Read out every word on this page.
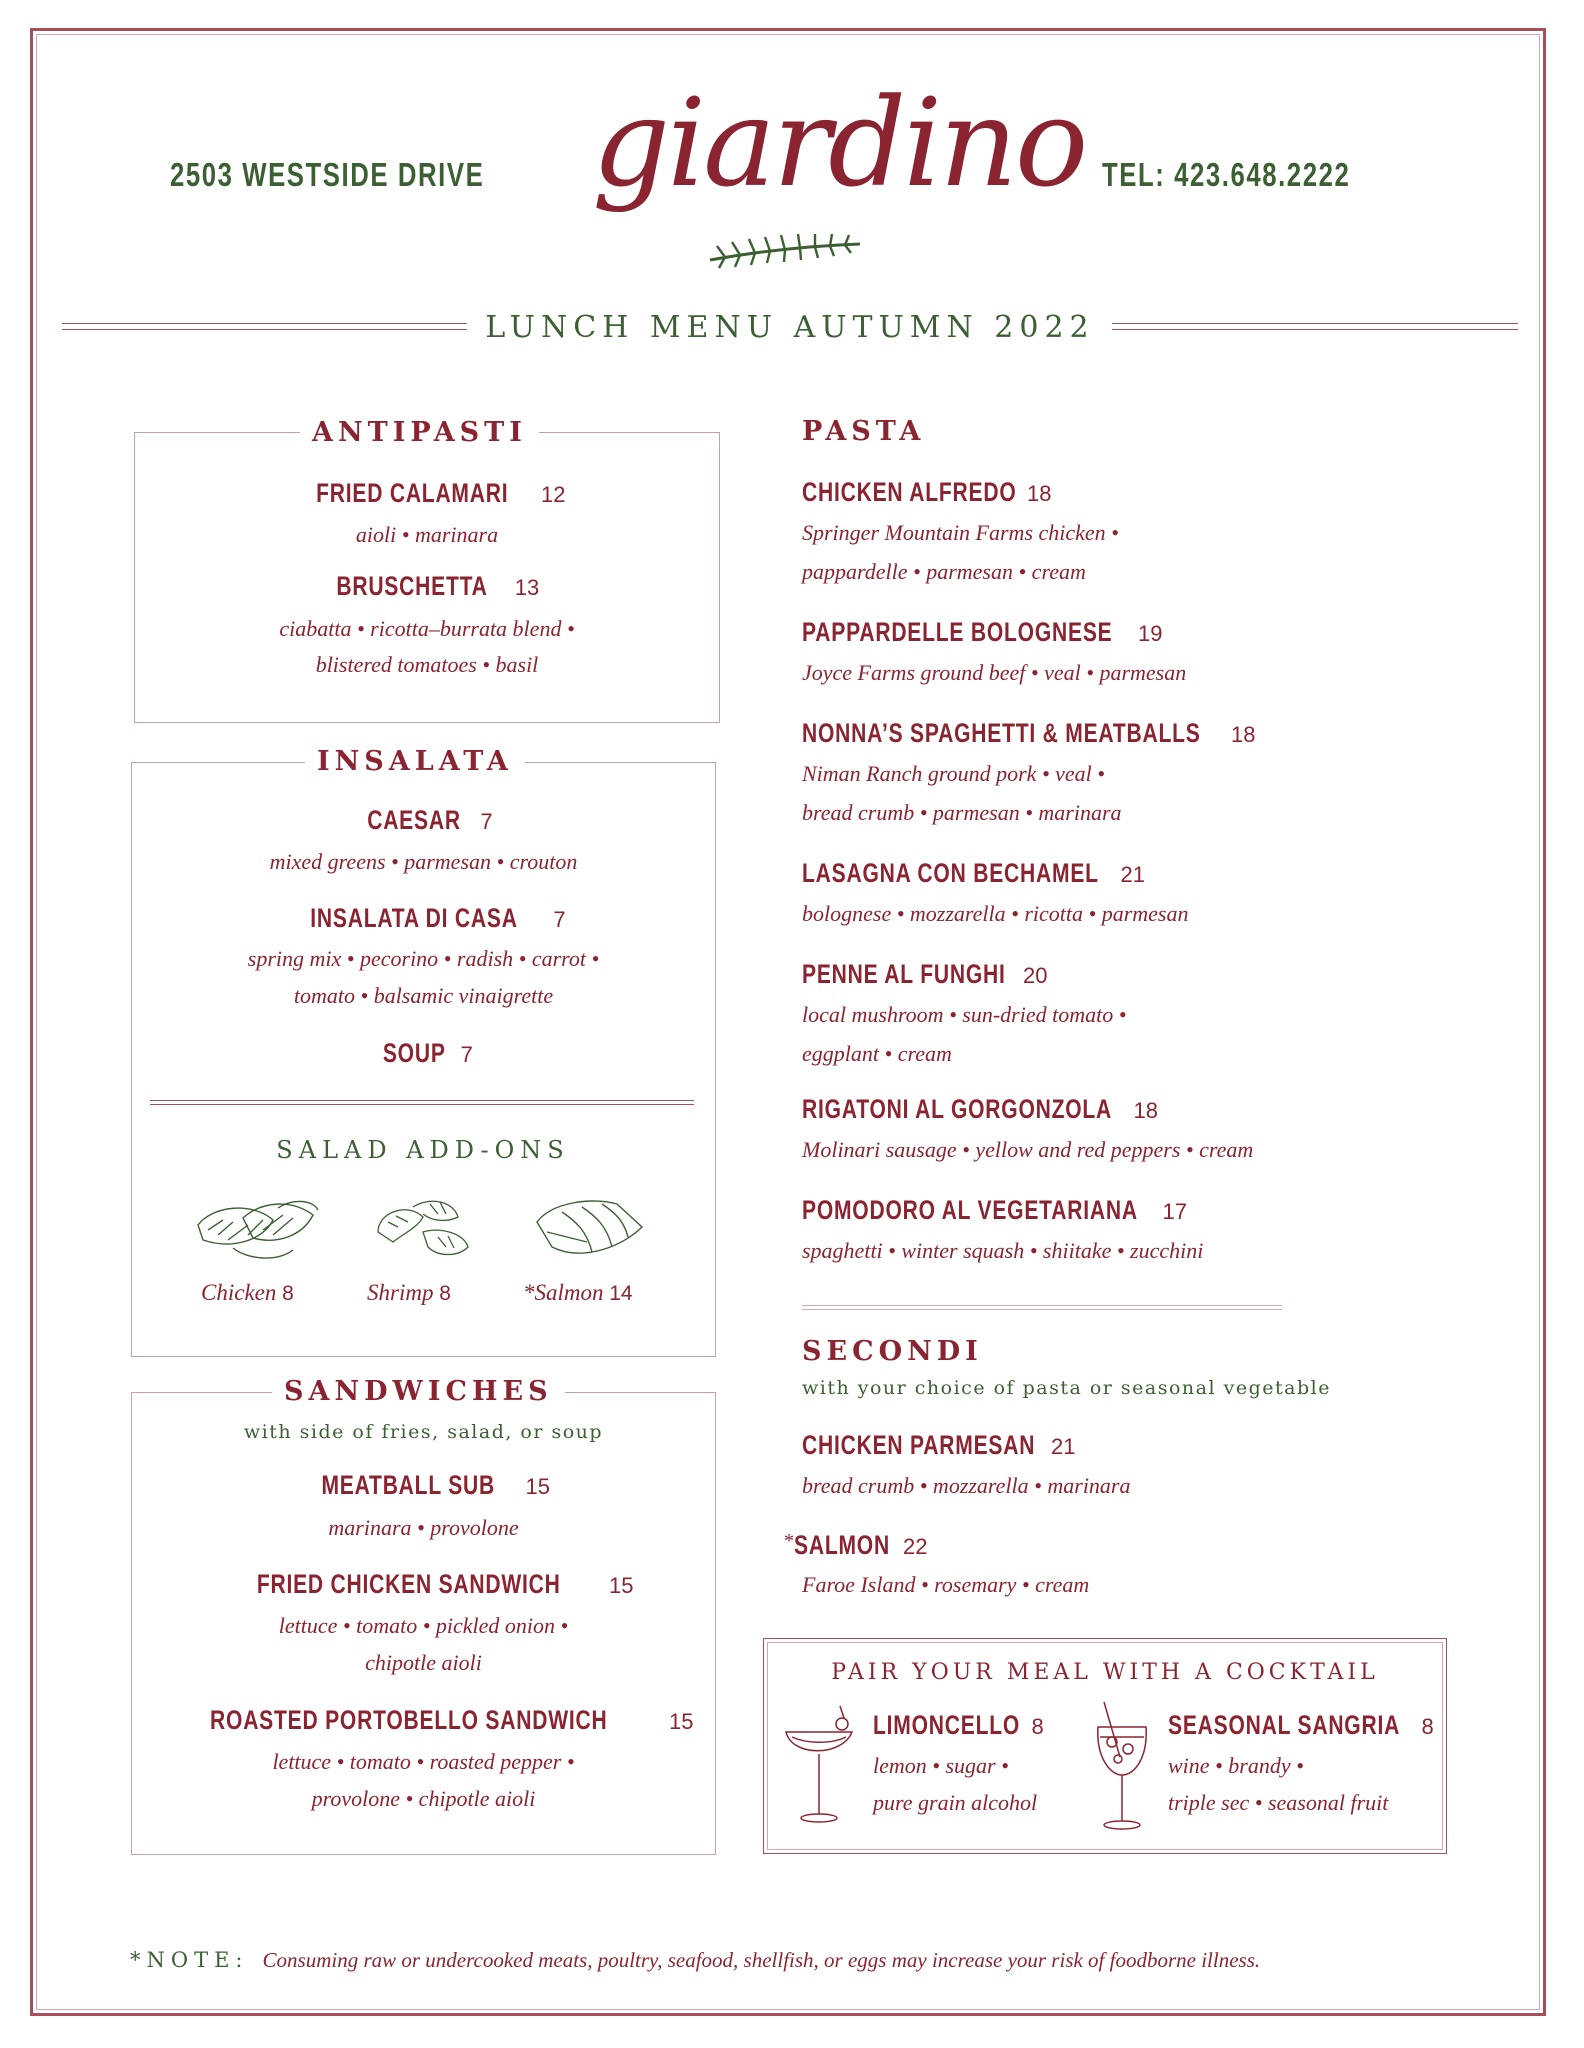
2503 WESTSIDE DRIVE giardino TEL: 423.648.2222
LUNCH MENU AUTUMN 2022
ANTIPASTI
FRIED CALAMARI 12
aioli • marinara
BRUSCHETTA 13
ciabatta • ricotta–burrata blend •
blistered tomatoes • basil
INSALATA
CAESAR 7
mixed greens • parmesan • crouton
INSALATA DI CASA 7
spring mix • pecorino • radish • carrot •
tomato • balsamic vinaigrette
SOUP 7
SALAD ADD-ONS
Chicken 8	Shrimp 8	*Salmon 14
SANDWICHES
with side of fries, salad, or soup
MEATBALL SUB 15
marinara • provolone
FRIED CHICKEN SANDWICH 15
lettuce • tomato • pickled onion •
chipotle aioli
ROASTED PORTOBELLO SANDWICH	15
lettuce • tomato • roasted pepper •
provolone • chipotle aioli
PASTA
CHICKEN ALFREDO 18
Springer Mountain Farms chicken •
pappardelle • parmesan • cream
PAPPARDELLE BOLOGNESE 19
Joyce Farms ground beef • veal • parmesan
NONNA’S SPAGHETTI & MEATBALLS 18
Niman Ranch ground pork • veal •
bread crumb • parmesan • marinara
LASAGNA CON BECHAMEL 21
bolognese • mozzarella • ricotta • parmesan
PENNE AL FUNGHI 20
local mushroom • sun-dried tomato •
eggplant • cream
RIGATONI AL GORGONZOLA 18
Molinari sausage • yellow and red peppers • cream
POMODORO AL VEGETARIANA 17
spaghetti • winter squash • shiitake • zucchini
SECONDI
with your choice of pasta or seasonal vegetable
CHICKEN PARMESAN 21
bread crumb • mozzarella • marinara
*SALMON 22
Faroe Island • rosemary • cream
PAIR YOUR MEAL WITH A COCKTAIL
LIMONCELLO 8
lemon • sugar •
pure grain alcohol
SEASONAL SANGRIA 8
wine • brandy •
triple sec • seasonal fruit
*NOTE: Consuming raw or undercooked meats, poultry, seafood, shellfish, or eggs may increase your risk of foodborne illness.
